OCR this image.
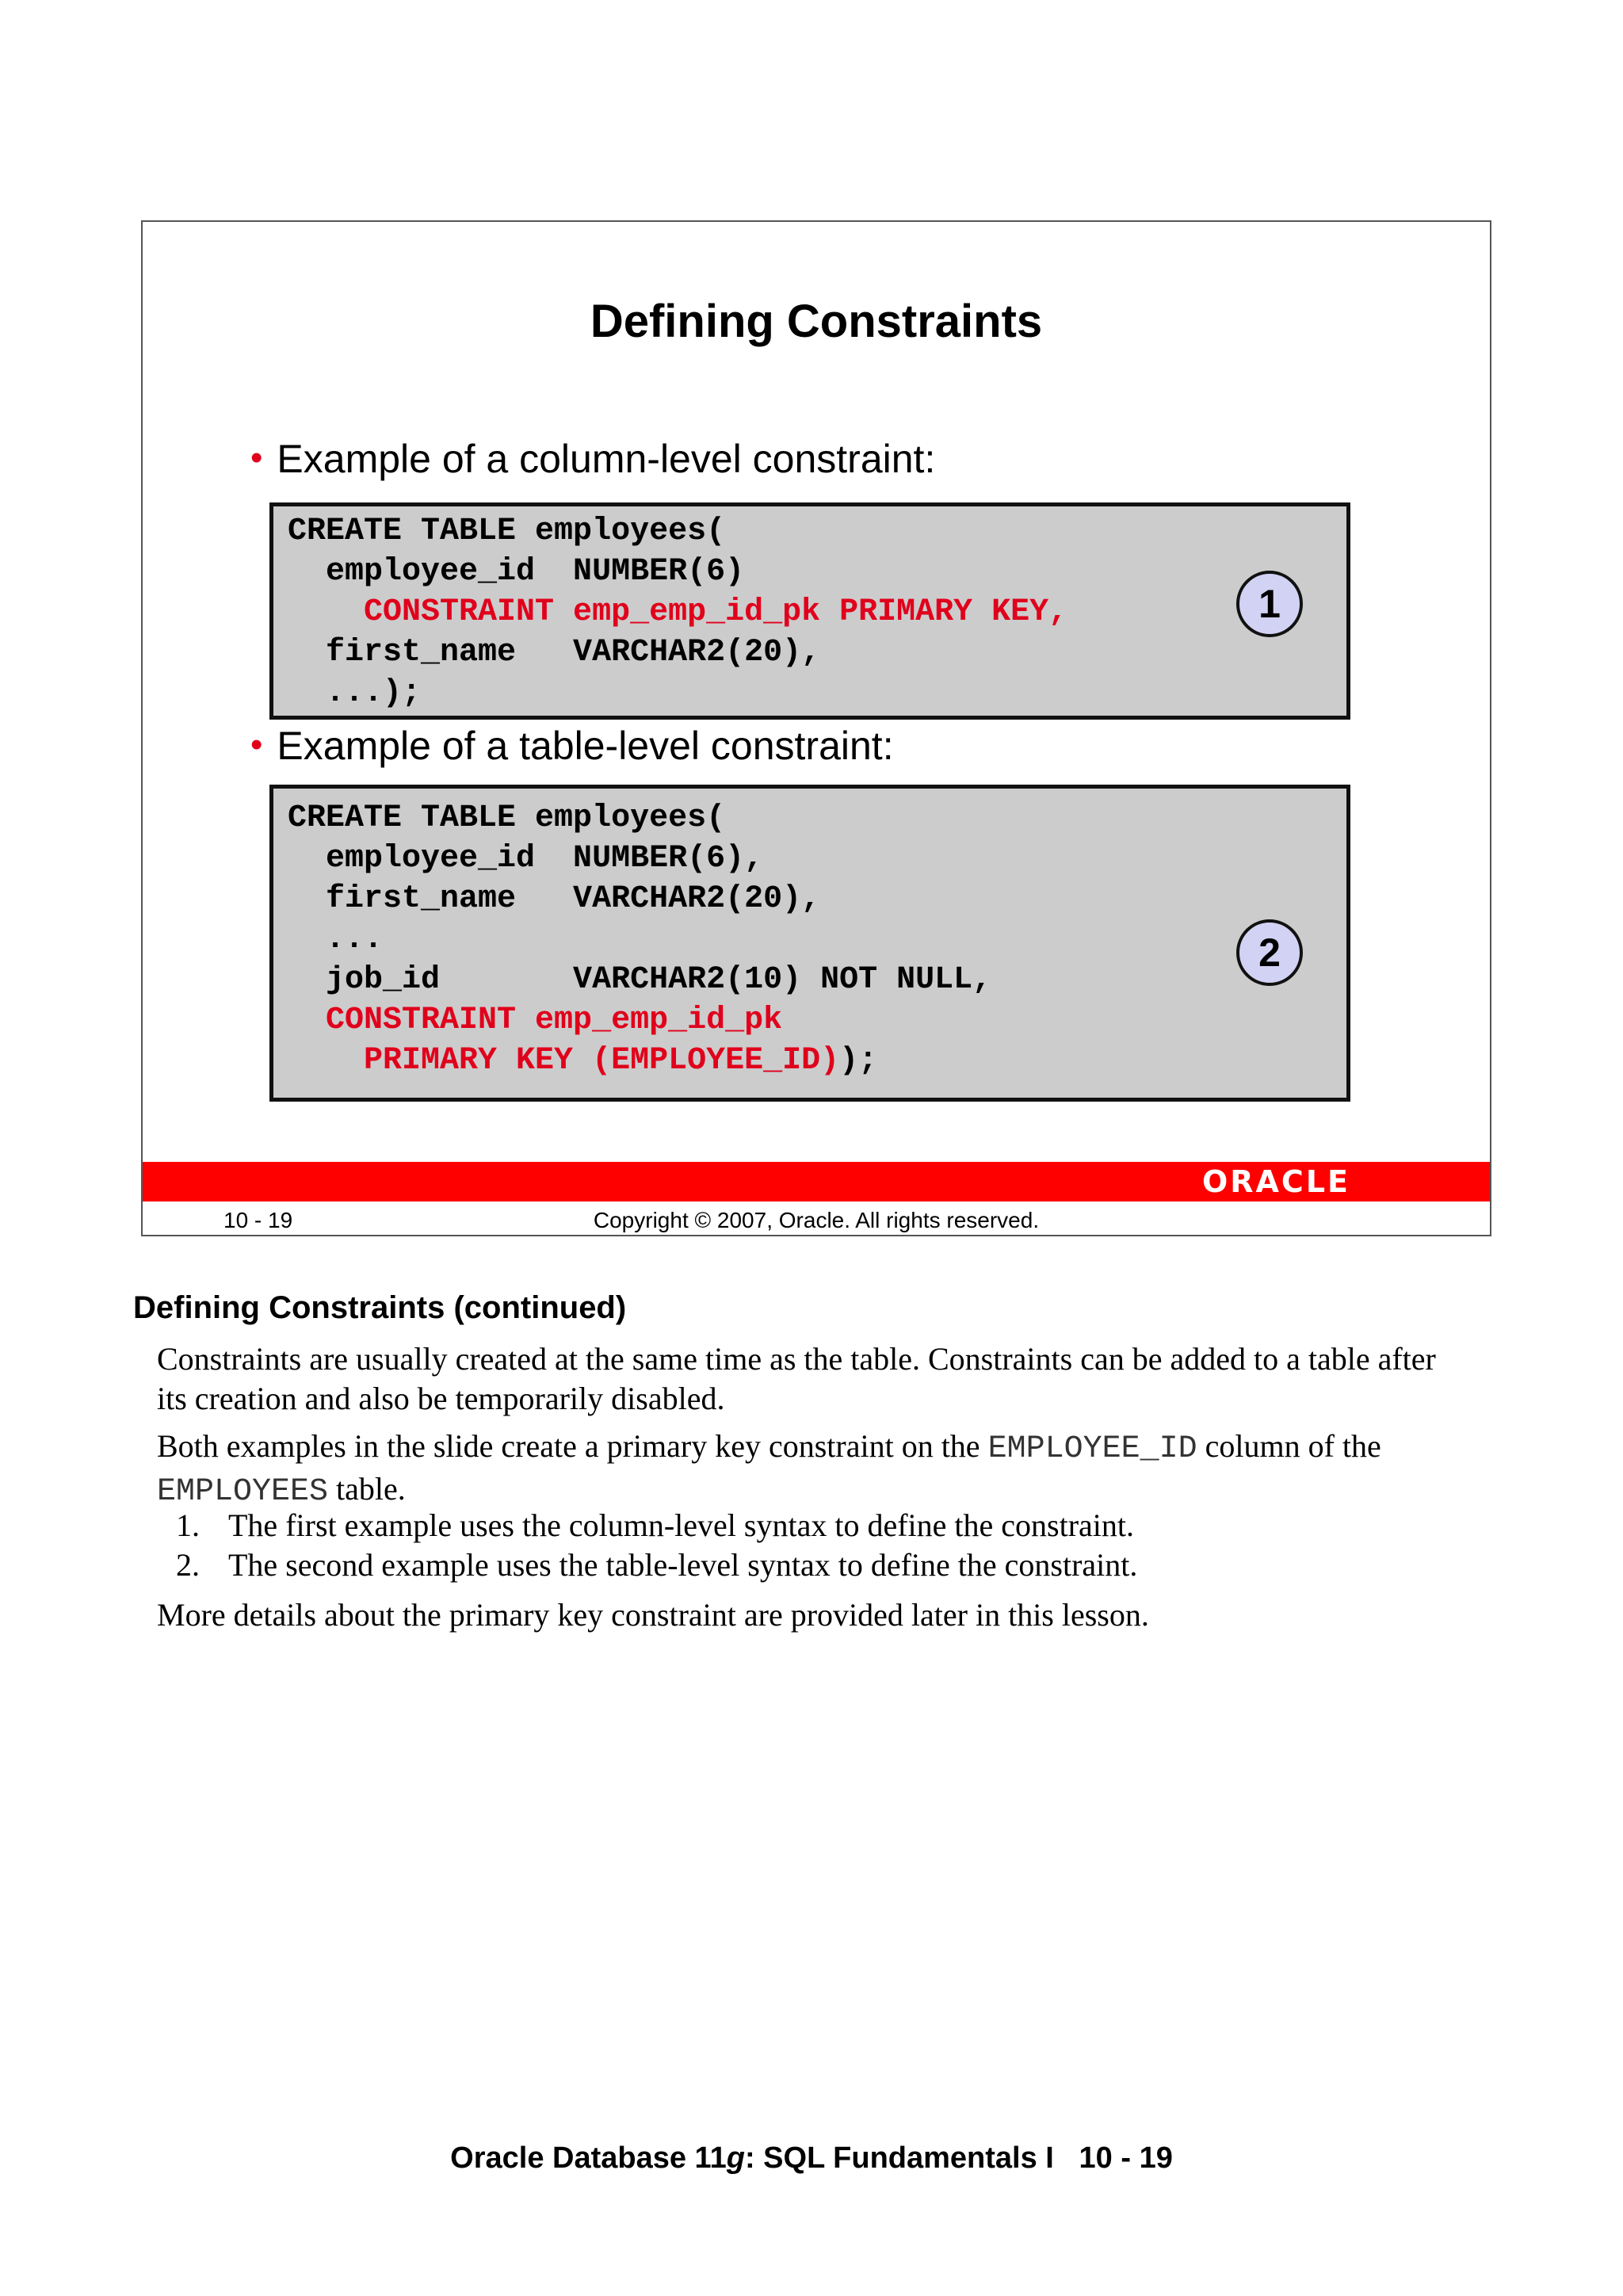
Defining Constraints
• Example of a column-level constraint:
CREATE TABLE employees(
employee_id  NUMBER(6)
CONSTRAINT emp_emp_id_pk PRIMARY KEY,
first_name   VARCHAR2(20),
...);
1
• Example of a table-level constraint:
CREATE TABLE employees(
employee_id  NUMBER(6),
first_name   VARCHAR2(20),
...
job_id       VARCHAR2(10) NOT NULL,
CONSTRAINT emp_emp_id_pk
PRIMARY KEY (EMPLOYEE_ID));
2
ORACLE
10 - 19	Copyright © 2007, Oracle. All rights reserved.
Defining Constraints (continued)
Constraints are usually created at the same time as the table. Constraints can be added to a table after
its creation and also be temporarily disabled.
Both examples in the slide create a primary key constraint on the EMPLOYEE_ID column of the
EMPLOYEES table.
1. The first example uses the column-level syntax to define the constraint.
2. The second example uses the table-level syntax to define the constraint.
More details about the primary key constraint are provided later in this lesson.
Oracle Database 11g: SQL Fundamentals I   10 - 19
